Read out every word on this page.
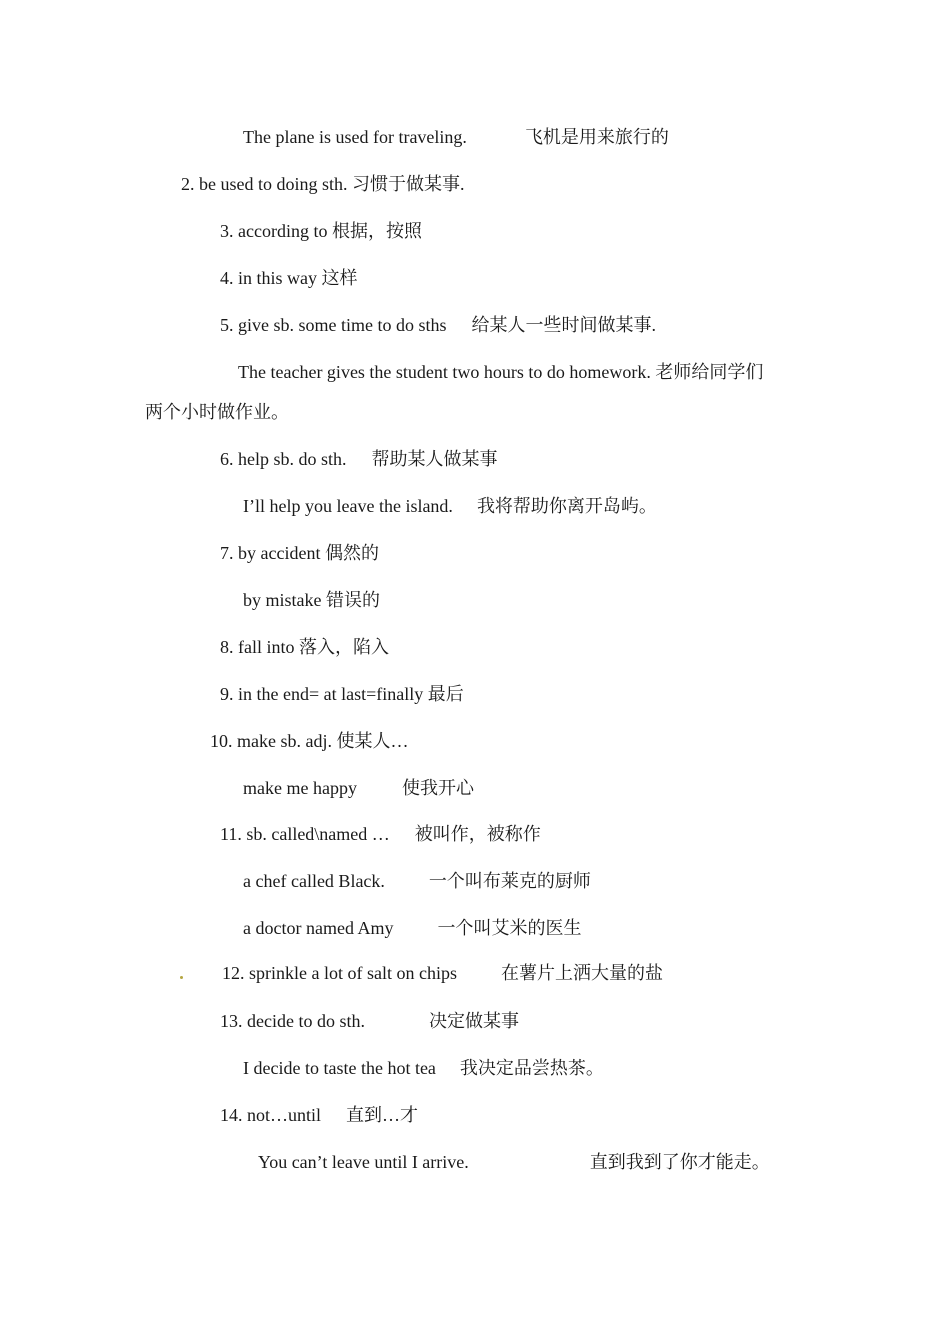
The plane is used for traveling.	飞机是用来旅行的
2. be used to doing sth. 习惯于做某事.
3. according to 根据，按照
4. in this way 这样
5. give sb. some time to do sths 给某人一些时间做某事.
The teacher gives the student two hours to do homework. 老师给同学们
两个小时做作业。
6. help sb. do sth. 帮助某人做某事
I’ll help you leave the island. 我将帮助你离开岛屿。
7. by accident 偶然的
by mistake 错误的
8. fall into 落入，陷入
9. in the end= at last=finally 最后
10. make sb. adj. 使某人…
make me happy	使我开心
11. sb. called\named … 被叫作，被称作
a chef called Black. 一个叫布莱克的厨师
a doctor named Amy 一个叫艾米的医生
12. sprinkle a lot of salt on chips 在薯片上洒大量的盐
13. decide to do sth.	决定做某事
I decide to taste the hot tea 我决定品尝热茶。
14. not…until 直到…才
You can’t leave until I arrive.	直到我到了你才能走。
